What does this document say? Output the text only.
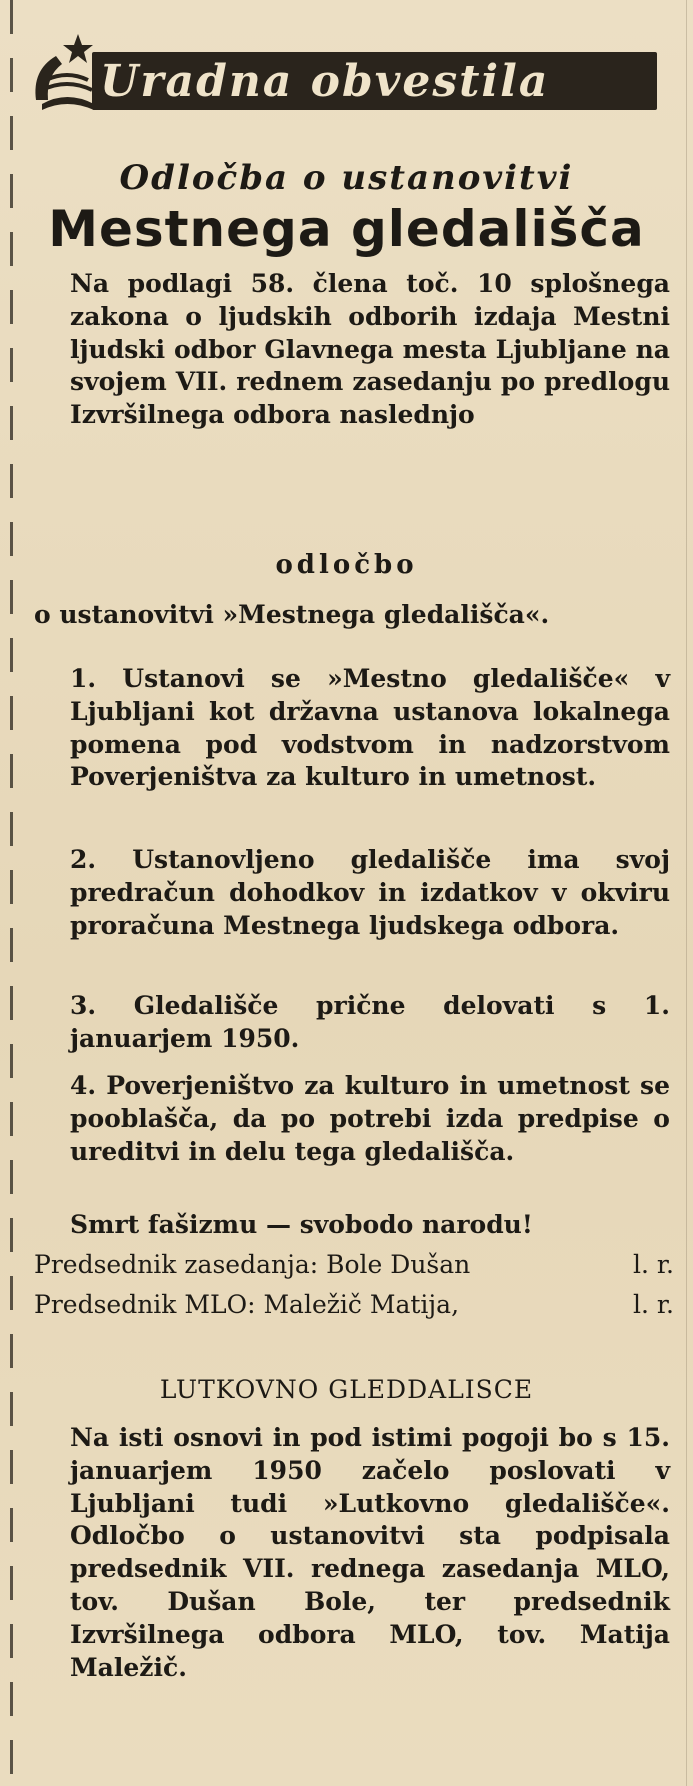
Uradna obvestila
Odločba o ustanovitvi
Mestnega gledališča
Na podlagi 58. člena toč. 10 splošnega zakona o ljudskih odborih izdaja Mestni ljudski odbor Glavnega mesta Ljubljane na svojem VII. rednem zasedanju po predlogu Izvršilnega odbora naslednjo
odločbo
o ustanovitvi »Mestnega gledališča«.
1. Ustanovi se »Mestno gledališče« v Ljubljani kot državna ustanova lokalnega pomena pod vodstvom in nadzorstvom Poverjeništva za kulturo in umetnost.
2. Ustanovljeno gledališče ima svoj predračun dohodkov in izdatkov v okviru proračuna Mestnega ljudskega odbora.
3. Gledališče prične delovati s 1. januarjem 1950.
4. Poverjeništvo za kulturo in umetnost se pooblašča, da po potrebi izda predpise o ureditvi in delu tega gledališča.
Smrt fašizmu — svobodo narodu!
Predsednik zasedanja: Bole Dušan	l. r.
Predsednik MLO: Maležič Matija,	l. r.
LUTKOVNO GLEDDALISCE
Na isti osnovi in pod istimi pogoji bo s 15. januarjem 1950 začelo poslovati v Ljubljani tudi »Lutkovno gledališče«. Odločbo o ustanovitvi sta podpisala predsednik VII. rednega zasedanja MLO, tov. Dušan Bole, ter predsednik Izvršilnega odbora MLO, tov. Matija Maležič.
